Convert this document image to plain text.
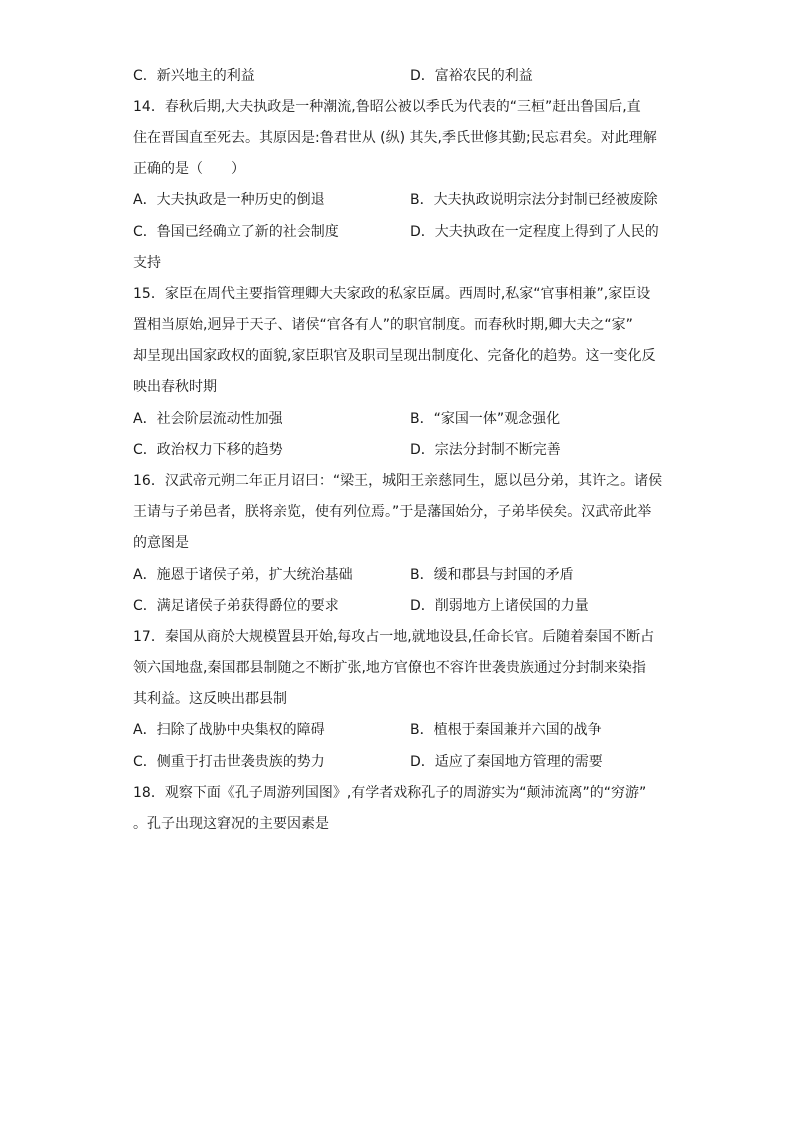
C．新兴地主的利益	D．富裕农民的利益
14．春秋后期,大夫执政是一种潮流,鲁昭公被以季氏为代表的“三桓”赶出鲁国后,直
住在晋国直至死去。其原因是:鲁君世从 (纵) 其失,季氏世修其勤;民忘君矣。对此理解
正确的是（　　）
A．大夫执政是一种历史的倒退	B．大夫执政说明宗法分封制已经被废除
C．鲁国已经确立了新的社会制度	D．大夫执政在一定程度上得到了人民的
支持
15．家臣在周代主要指管理卿大夫家政的私家臣属。西周时,私家“官事相兼”,家臣设
置相当原始,迥异于天子、诸侯“官各有人”的职官制度。而春秋时期,卿大夫之“家”
却呈现出国家政权的面貌,家臣职官及职司呈现出制度化、完备化的趋势。这一变化反
映出春秋时期
A．社会阶层流动性加强	B．“家国一体”观念强化
C．政治权力下移的趋势	D．宗法分封制不断完善
16．汉武帝元朔二年正月诏曰：“梁王，城阳王亲慈同生，愿以邑分弟，其许之。诸侯
王请与子弟邑者，朕将亲览，使有列位焉。”于是藩国始分，子弟毕侯矣。汉武帝此举
的意图是
A．施恩于诸侯子弟，扩大统治基础	B．缓和郡县与封国的矛盾
C．满足诸侯子弟获得爵位的要求	D．削弱地方上诸侯国的力量
17．秦国从商於大规模置县开始,每攻占一地,就地设县,任命长官。后随着秦国不断占
领六国地盘,秦国郡县制随之不断扩张,地方官僚也不容许世袭贵族通过分封制来染指
其利益。这反映出郡县制
A．扫除了战胁中央集权的障碍	B．植根于秦国兼并六国的战争
C．侧重于打击世袭贵族的势力	D．适应了秦国地方管理的需要
18．观察下面《孔子周游列国图》,有学者戏称孔子的周游实为“颠沛流离”的“穷游”
。孔子出现这窘况的主要因素是
